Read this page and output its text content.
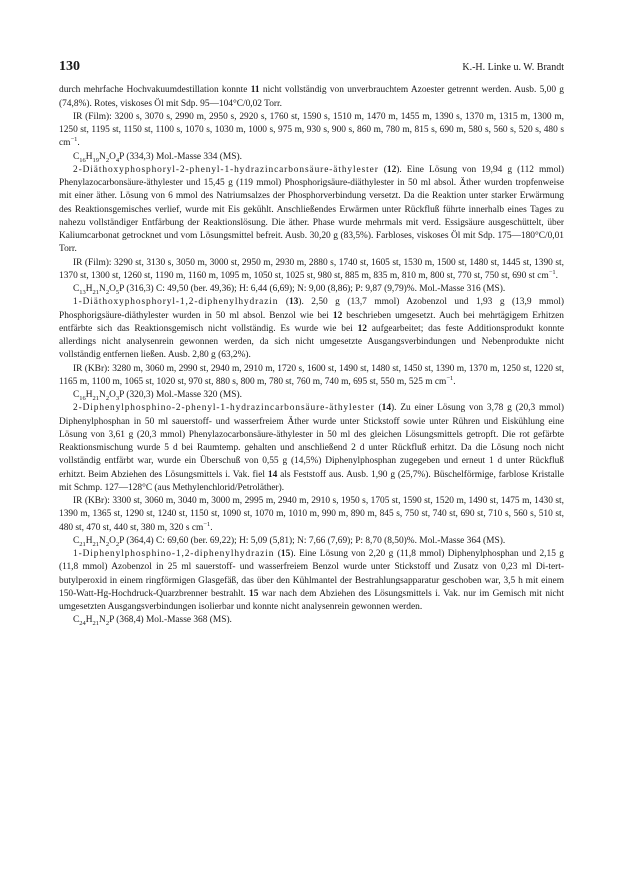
130	K.-H. Linke u. W. Brandt

durch mehrfache Hochvakuumdestillation konnte 11 nicht vollständig von unverbrauchtem Azoester getrennt werden. Ausb. 5,00 g (74,8%). Rotes, viskoses Öl mit Sdp. 95—104°C/0,02 Torr.

IR (Film): 3200 s, 3070 s, 2990 m, 2950 s, 2920 s, 1760 st, 1590 s, 1510 m, 1470 m, 1455 m, 1390 s, 1370 m, 1315 m, 1300 m, 1250 st, 1195 st, 1150 st, 1100 s, 1070 s, 1030 m, 1000 s, 975 m, 930 s, 900 s, 860 m, 780 m, 815 s, 690 m, 580 s, 560 s, 520 s, 480 s $cm^{-1}$.

$C_{16}H_{19}N_2O_4P$ (334,3) Mol.-Masse 334 (MS).

2-Diäthoxyphosphoryl-2-phenyl-1-hydrazincarbonsäure-äthylester (12). Eine Lösung von 19,94 g (112 mmol) Phenylazocarbonsäure-äthylester und 15,45 g (119 mmol) Phosphorigsäure-diäthylester in 50 ml absol. Äther wurden tropfenweise mit einer äther. Lösung von 6 mmol des Natriumsalzes der Phosphorverbindung versetzt. Da die Reaktion unter starker Erwärmung des Reaktionsgemisches verlief, wurde mit Eis gekühlt. Anschließendes Erwärmen unter Rückfluß führte innerhalb eines Tages zu nahezu vollständiger Entfärbung der Reaktionslösung. Die äther. Phase wurde mehrmals mit verd. Essigsäure ausgeschüttelt, über Kaliumcarbonat getrocknet und vom Lösungsmittel befreit. Ausb. 30,20 g (83,5%). Farbloses, viskoses Öl mit Sdp. 175—180°C/0,01 Torr.

IR (Film): 3290 st, 3130 s, 3050 m, 3000 st, 2950 m, 2930 m, 2880 s, 1740 st, 1605 st, 1530 m, 1500 st, 1480 st, 1445 st, 1390 st, 1370 st, 1300 st, 1260 st, 1190 m, 1160 m, 1095 m, 1050 st, 1025 st, 980 st, 885 m, 835 m, 810 m, 800 st, 770 st, 750 st, 690 st $cm^{-1}$.

$C_{13}H_{21}N_2O_5P$ (316,3) C: 49,50 (ber. 49,36); H: 6,44 (6,69); N: 9,00 (8,86); P: 9,87 (9,79)%. Mol.-Masse 316 (MS).

1-Diäthoxyphosphoryl-1,2-diphenylhydrazin (13). 2,50 g (13,7 mmol) Azobenzol und 1,93 g (13,9 mmol) Phosphorigsäure-diäthylester wurden in 50 ml absol. Benzol wie bei 12 beschrieben umgesetzt. Auch bei mehrtägigem Erhitzen entfärbte sich das Reaktionsgemisch nicht vollständig. Es wurde wie bei 12 aufgearbeitet; das feste Additionsprodukt konnte allerdings nicht analysenrein gewonnen werden, da sich nicht umgesetzte Ausgangsverbindungen und Nebenprodukte nicht vollständig entfernen ließen. Ausb. 2,80 g (63,2%).

IR (KBr): 3280 m, 3060 m, 2990 st, 2940 m, 2910 m, 1720 s, 1600 st, 1490 st, 1480 st, 1450 st, 1390 m, 1370 m, 1250 st, 1220 st, 1165 m, 1100 m, 1065 st, 1020 st, 970 st, 880 s, 800 m, 780 st, 760 m, 740 m, 695 st, 550 m, 525 m $cm^{-1}$.

$C_{16}H_{21}N_2O_3P$ (320,3) Mol.-Masse 320 (MS).

2-Diphenylphosphino-2-phenyl-1-hydrazincarbonsäure-äthylester (14). Zu einer Lösung von 3,78 g (20,3 mmol) Diphenylphosphan in 50 ml sauerstoff- und wasserfreiem Äther wurde unter Stickstoff sowie unter Rühren und Eiskühlung eine Lösung von 3,61 g (20,3 mmol) Phenylazocarbonsäure-äthylester in 50 ml des gleichen Lösungsmittels getropft. Die rot gefärbte Reaktionsmischung wurde 5 d bei Raumtemp. gehalten und anschließend 2 d unter Rückfluß erhitzt. Da die Lösung noch nicht vollständig entfärbt war, wurde ein Überschuß von 0,55 g (14,5%) Diphenylphosphan zugegeben und erneut 1 d unter Rückfluß erhitzt. Beim Abziehen des Lösungsmittels i. Vak. fiel 14 als Feststoff aus. Ausb. 1,90 g (25,7%). Büschelförmige, farblose Kristalle mit Schmp. 127—128°C (aus Methylenchlorid/Petroläther).

IR (KBr): 3300 st, 3060 m, 3040 m, 3000 m, 2995 m, 2940 m, 2910 s, 1950 s, 1705 st, 1590 st, 1520 m, 1490 st, 1475 m, 1430 st, 1390 m, 1365 st, 1290 st, 1240 st, 1150 st, 1090 st, 1070 m, 1010 m, 990 m, 890 m, 845 s, 750 st, 740 st, 690 st, 710 s, 560 s, 510 st, 480 st, 470 st, 440 st, 380 m, 320 s $cm^{-1}$.

$C_{21}H_{21}N_2O_2P$ (364,4) C: 69,60 (ber. 69,22); H: 5,09 (5,81); N: 7,66 (7,69); P: 8,70 (8,50)%. Mol.-Masse 364 (MS).

1-Diphenylphosphino-1,2-diphenylhydrazin (15). Eine Lösung von 2,20 g (11,8 mmol) Diphenylphosphan und 2,15 g (11,8 mmol) Azobenzol in 25 ml sauerstoff- und wasserfreiem Benzol wurde unter Stickstoff und Zusatz von 0,23 ml Di-tert-butylperoxid in einem ringförmigen Glasgefäß, das über den Kühlmantel der Bestrahlungsapparatur geschoben war, 3,5 h mit einem 150-Watt-Hg-Hochdruck-Quarzbrenner bestrahlt. 15 war nach dem Abziehen des Lösungsmittels i. Vak. nur im Gemisch mit nicht umgesetzten Ausgangsverbindungen isolierbar und konnte nicht analysenrein gewonnen werden.

$C_{24}H_{21}N_2P$ (368,4) Mol.-Masse 368 (MS).
